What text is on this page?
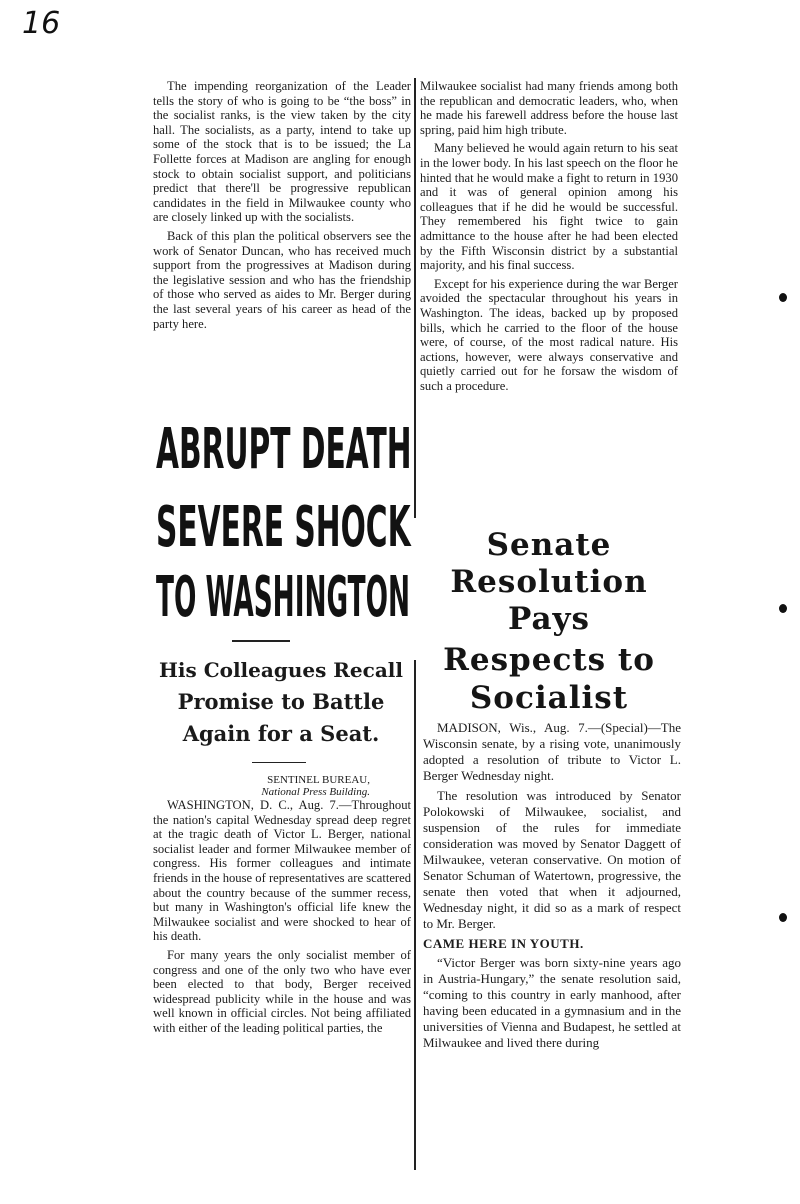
16

The impending reorganization of the Leader tells the story of who is going to be “the boss” in the socialist ranks, is the view taken by the city hall. The socialists, as a party, intend to take up some of the stock that is to be issued; the La Follette forces at Madison are angling for enough stock to obtain socialist support, and politicians predict that there'll be progressive republican candidates in the field in Milwaukee county who are closely linked up with the socialists.

Back of this plan the political observers see the work of Senator Duncan, who has received much support from the progressives at Madison during the legislative session and who has the friendship of those who served as aides to Mr. Berger during the last several years of his career as head of the party here.

Milwaukee socialist had many friends among both the republican and democratic leaders, who, when he made his farewell address before the house last spring, paid him high tribute.

Many believed he would again return to his seat in the lower body. In his last speech on the floor he hinted that he would make a fight to return in 1930 and it was of general opinion among his colleagues that if he did he would be successful. They remembered his fight twice to gain admittance to the house after he had been elected by the Fifth Wisconsin district by a substantial majority, and his final success.

Except for his experience during the war Berger avoided the spectacular throughout his years in Washington. The ideas, backed up by proposed bills, which he carried to the floor of the house were, of course, of the most radical nature. His actions, however, were always conservative and quietly carried out for he forsaw the wisdom of such a procedure.

ABRUPT DEATH
SEVERE SHOCK
TO WASHINGTON
His Colleagues Recall
Promise to Battle
Again for a Seat.
SENTINEL BUREAU,
National Press Building.

WASHINGTON, D. C., Aug. 7.—Throughout the nation's capital Wednesday spread deep regret at the tragic death of Victor L. Berger, national socialist leader and former Milwaukee member of congress. His former colleagues and intimate friends in the house of representatives are scattered about the country because of the summer recess, but many in Washington's official life knew the Milwaukee socialist and were shocked to hear of his death.

For many years the only socialist member of congress and one of the only two who have ever been elected to that body, Berger received widespread publicity while in the house and was well known in official circles. Not being affiliated with either of the leading political parties, the

Senate
Resolution
Pays
Respects to
Socialist

MADISON, Wis., Aug. 7.—(Special)—The Wisconsin senate, by a rising vote, unanimously adopted a resolution of tribute to Victor L. Berger Wednesday night.

The resolution was introduced by Senator Polokowski of Milwaukee, socialist, and suspension of the rules for immediate consideration was moved by Senator Daggett of Milwaukee, veteran conservative. On motion of Senator Schuman of Watertown, progressive, the senate then voted that when it adjourned, Wednesday night, it did so as a mark of respect to Mr. Berger.

CAME HERE IN YOUTH.

“Victor Berger was born sixty-nine years ago in Austria-Hungary,” the senate resolution said, “coming to this country in early manhood, after having been educated in a gymnasium and in the universities of Vienna and Budapest, he settled at Milwaukee and lived there during
